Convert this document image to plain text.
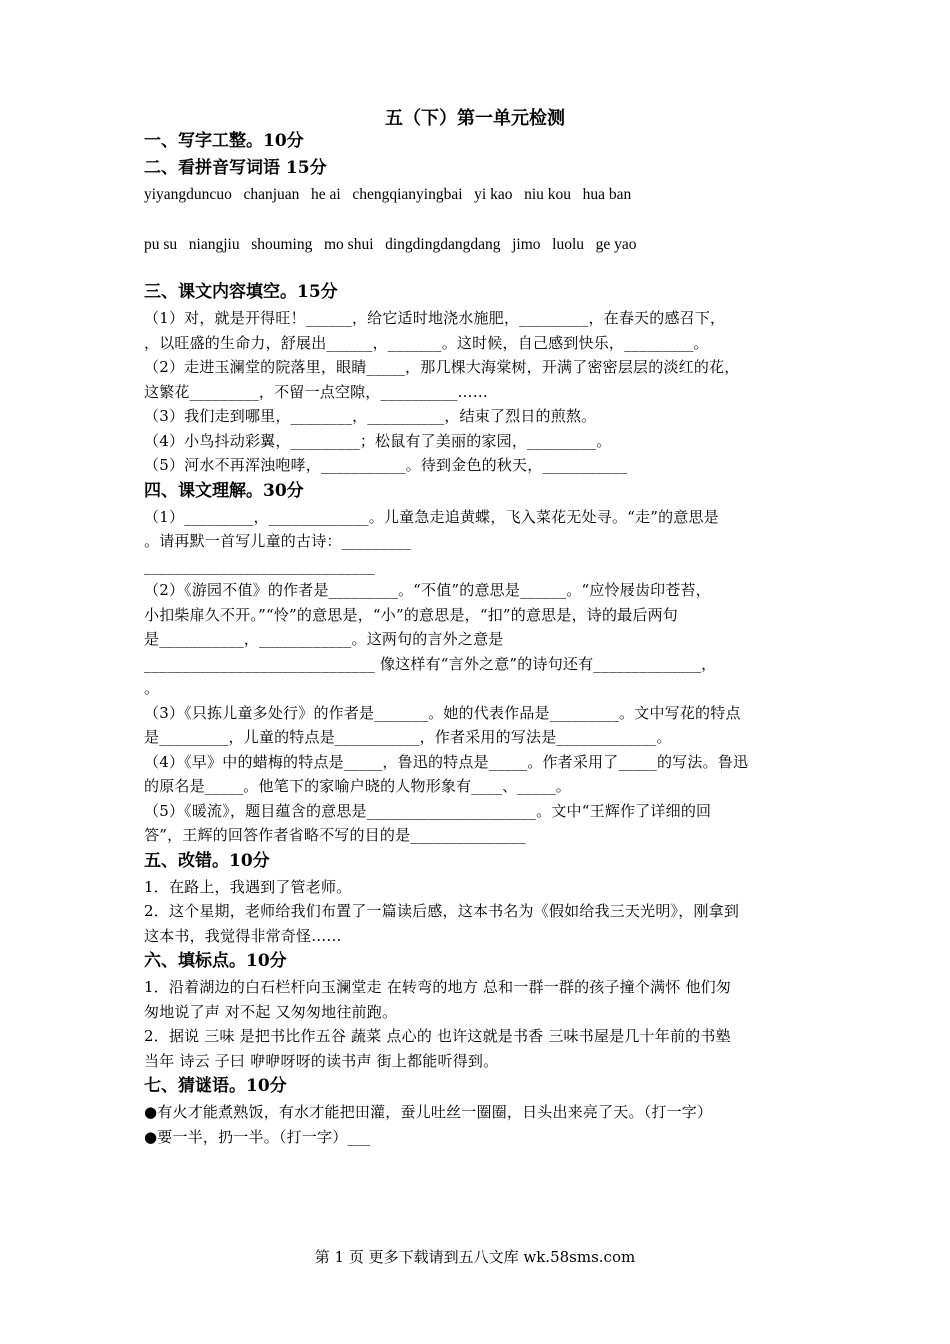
五（下）第一单元检测

一、写字工整。10分

二、看拼音写词语 15分

yiyangduncuo   chanjuan   he ai   chengqianyingbai   yi kao   niu kou   hua ban

pu su   niangjiu   shouming   mo shui   dingdingdangdang   jimo   luolu   ge yao

三、课文内容填空。15分

（1）对，就是开得旺！______，给它适时地浇水施肥，_________，在春天的感召下，

，以旺盛的生命力，舒展出______，_______。这时候，自己感到快乐，_________。

（2）走进玉澜堂的院落里，眼睛_____，那几棵大海棠树，开满了密密层层的淡红的花，

这繁花_________，不留一点空隙，__________……

（3）我们走到哪里，________，__________，结束了烈日的煎熬。

（4）小鸟抖动彩翼，_________；松鼠有了美丽的家园，_________。

（5）河水不再浑浊咆哮，___________。待到金色的秋天，___________

四、课文理解。30分

（1）_________，_____________。儿童急走追黄蝶，飞入菜花无处寻。“走”的意思是

。请再默一首写儿童的古诗：_________

______________________________

（2）《游园不值》的作者是_________。“不值”的意思是______。“应怜屐齿印苍苔，

小扣柴扉久不开。”“怜”的意思是，“小”的意思是，“扣”的意思是，诗的最后两句

是___________，____________。这两句的言外之意是

______________________________ 像这样有“言外之意”的诗句还有______________，

。

（3）《只拣儿童多处行》的作者是_______。她的代表作品是_________。文中写花的特点

是_________，儿童的特点是___________，作者采用的写法是_____________。

（4）《早》中的蜡梅的特点是_____，鲁迅的特点是_____。作者采用了_____的写法。鲁迅

的原名是_____。他笔下的家喻户晓的人物形象有____、_____。

（5）《暖流》，题目蕴含的意思是______________________。文中“王辉作了详细的回

答”，王辉的回答作者省略不写的目的是_______________

五、改错。10分

1．在路上，我遇到了管老师。

2．这个星期，老师给我们布置了一篇读后感，这本书名为《假如给我三天光明》，刚拿到

这本书，我觉得非常奇怪……

六、填标点。10分

1．沿着湖边的白石栏杆向玉澜堂走 在转弯的地方 总和一群一群的孩子撞个满怀 他们匆

匆地说了声 对不起 又匆匆地往前跑。

2．据说 三味 是把书比作五谷 蔬菜 点心的 也许这就是书香 三味书屋是几十年前的书塾

当年 诗云 子曰 咿咿呀呀的读书声 街上都能听得到。

七、猜谜语。10分

●有火才能煮熟饭，有水才能把田灌，蚕儿吐丝一圈圈，日头出来亮了天。（打一字）

●要一半，扔一半。（打一字）___

第 1 页 更多下载请到五八文库 wk.58sms.com
